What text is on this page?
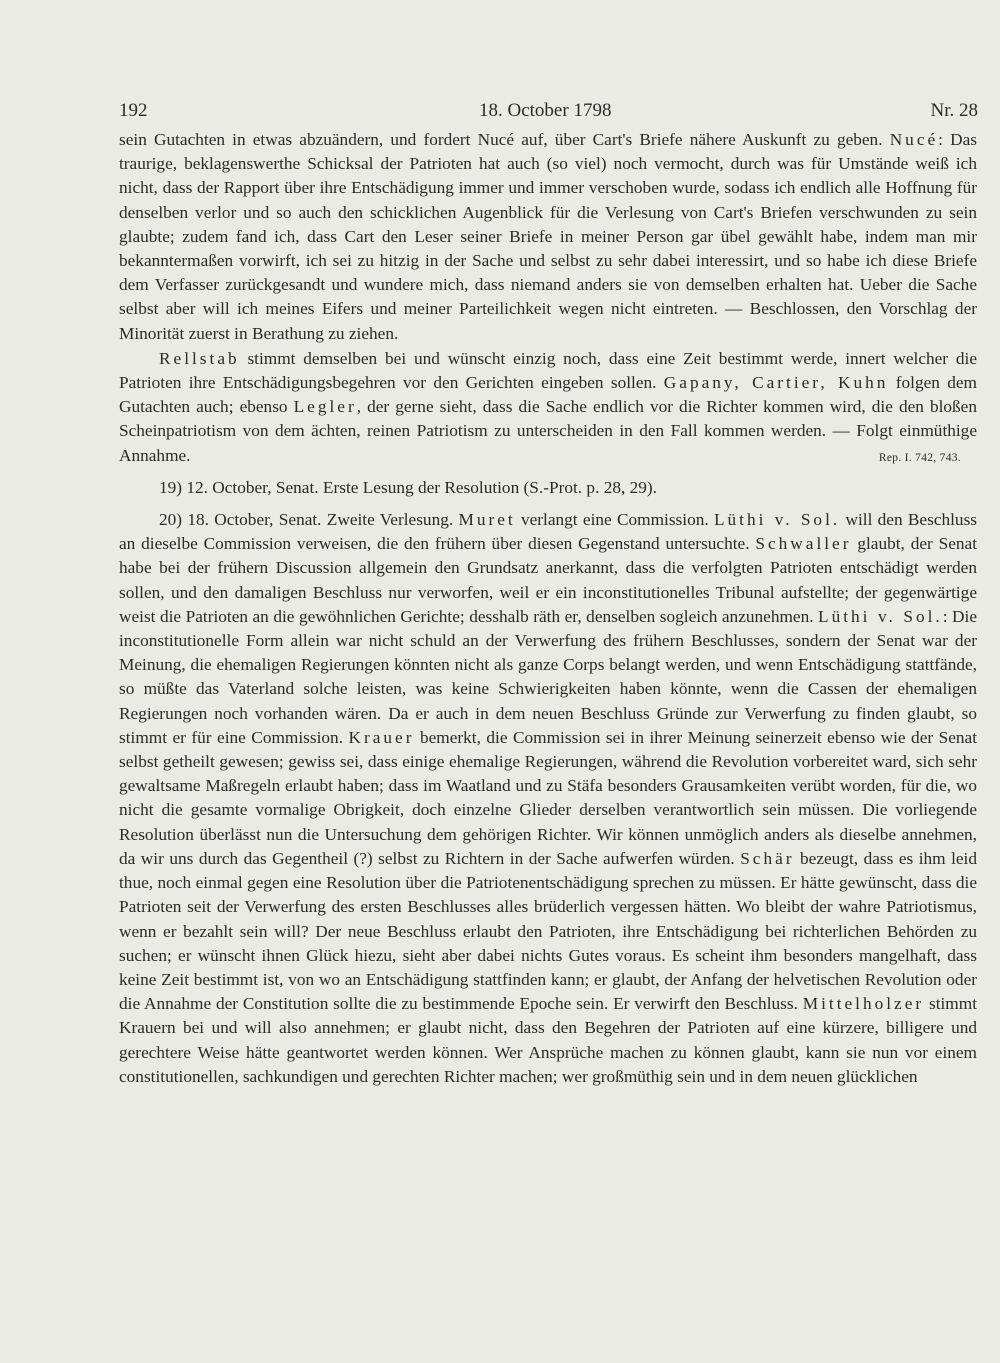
192	18. October 1798	Nr. 28

sein Gutachten in etwas abzuändern, und fordert Nucé auf, über Cart's Briefe nähere Auskunft zu geben. Nucé: Das traurige, beklagenswerthe Schicksal der Patrioten hat auch (so viel) noch vermocht, durch was für Umstände weiß ich nicht, dass der Rapport über ihre Entschädigung immer und immer verschoben wurde, sodass ich endlich alle Hoffnung für denselben verlor und so auch den schicklichen Augenblick für die Verlesung von Cart's Briefen verschwunden zu sein glaubte; zudem fand ich, dass Cart den Leser seiner Briefe in meiner Person gar übel gewählt habe, indem man mir bekanntermaßen vorwirft, ich sei zu hitzig in der Sache und selbst zu sehr dabei interessirt, und so habe ich diese Briefe dem Verfasser zurückgesandt und wundere mich, dass niemand anders sie von demselben erhalten hat. Ueber die Sache selbst aber will ich meines Eifers und meiner Parteilichkeit wegen nicht eintreten. — Beschlossen, den Vorschlag der Minorität zuerst in Berathung zu ziehen.

Rellstab stimmt demselben bei und wünscht einzig noch, dass eine Zeit bestimmt werde, innert welcher die Patrioten ihre Entschädigungsbegehren vor den Gerichten eingeben sollen. Gapany, Cartier, Kuhn folgen dem Gutachten auch; ebenso Legler, der gerne sieht, dass die Sache endlich vor die Richter kommen wird, die den bloßen Scheinpatriotism von dem ächten, reinen Patriotism zu unterscheiden in den Fall kommen werden. — Folgt einmüthige Annahme.	Rep. I. 742, 743.

19) 12. October, Senat. Erste Lesung der Resolution (S.-Prot. p. 28, 29).

20) 18. October, Senat. Zweite Verlesung. Muret verlangt eine Commission. Lüthi v. Sol. will den Beschluss an dieselbe Commission verweisen, die den frühern über diesen Gegenstand untersuchte. Schwaller glaubt, der Senat habe bei der frühern Discussion allgemein den Grundsatz anerkannt, dass die verfolgten Patrioten entschädigt werden sollen, und den damaligen Beschluss nur verworfen, weil er ein inconstitutionelles Tribunal aufstellte; der gegenwärtige weist die Patrioten an die gewöhnlichen Gerichte; desshalb räth er, denselben sogleich anzunehmen. Lüthi v. Sol.: Die inconstitutionelle Form allein war nicht schuld an der Verwerfung des frühern Beschlusses, sondern der Senat war der Meinung, die ehemaligen Regierungen könnten nicht als ganze Corps belangt werden, und wenn Entschädigung stattfände, so müßte das Vaterland solche leisten, was keine Schwierigkeiten haben könnte, wenn die Cassen der ehemaligen Regierungen noch vorhanden wären. Da er auch in dem neuen Beschluss Gründe zur Verwerfung zu finden glaubt, so stimmt er für eine Commission. Krauer bemerkt, die Commission sei in ihrer Meinung seinerzeit ebenso wie der Senat selbst getheilt gewesen; gewiss sei, dass einige ehemalige Regierungen, während die Revolution vorbereitet ward, sich sehr gewaltsame Maßregeln erlaubt haben; dass im Waatland und zu Stäfa besonders Grausamkeiten verübt worden, für die, wo nicht die gesamte vormalige Obrigkeit, doch einzelne Glieder derselben verantwortlich sein müssen. Die vorliegende Resolution überlässt nun die Untersuchung dem gehörigen Richter. Wir können unmöglich anders als dieselbe annehmen, da wir uns durch das Gegentheil (?) selbst zu Richtern in der Sache aufwerfen würden. Schär bezeugt, dass es ihm leid thue, noch einmal gegen eine Resolution über die Patriotenentschädigung sprechen zu müssen. Er hätte gewünscht, dass die Patrioten seit der Verwerfung des ersten Beschlusses alles brüderlich vergessen hätten. Wo bleibt der wahre Patriotismus, wenn er bezahlt sein will? Der neue Beschluss erlaubt den Patrioten, ihre Entschädigung bei richterlichen Behörden zu suchen; er wünscht ihnen Glück hiezu, sieht aber dabei nichts Gutes voraus. Es scheint ihm besonders mangelhaft, dass keine Zeit bestimmt ist, von wo an Entschädigung stattfinden kann; er glaubt, der Anfang der helvetischen Revolution oder die Annahme der Constitution sollte die zu bestimmende Epoche sein. Er verwirft den Beschluss. Mittelholzer stimmt Krauern bei und will also annehmen; er glaubt nicht, dass den Begehren der Patrioten auf eine kürzere, billigere und gerechtere Weise hätte geantwortet werden können. Wer Ansprüche machen zu können glaubt, kann sie nun vor einem constitutionellen, sachkundigen und gerechten Richter machen; wer großmüthig sein und in dem neuen glücklichen
